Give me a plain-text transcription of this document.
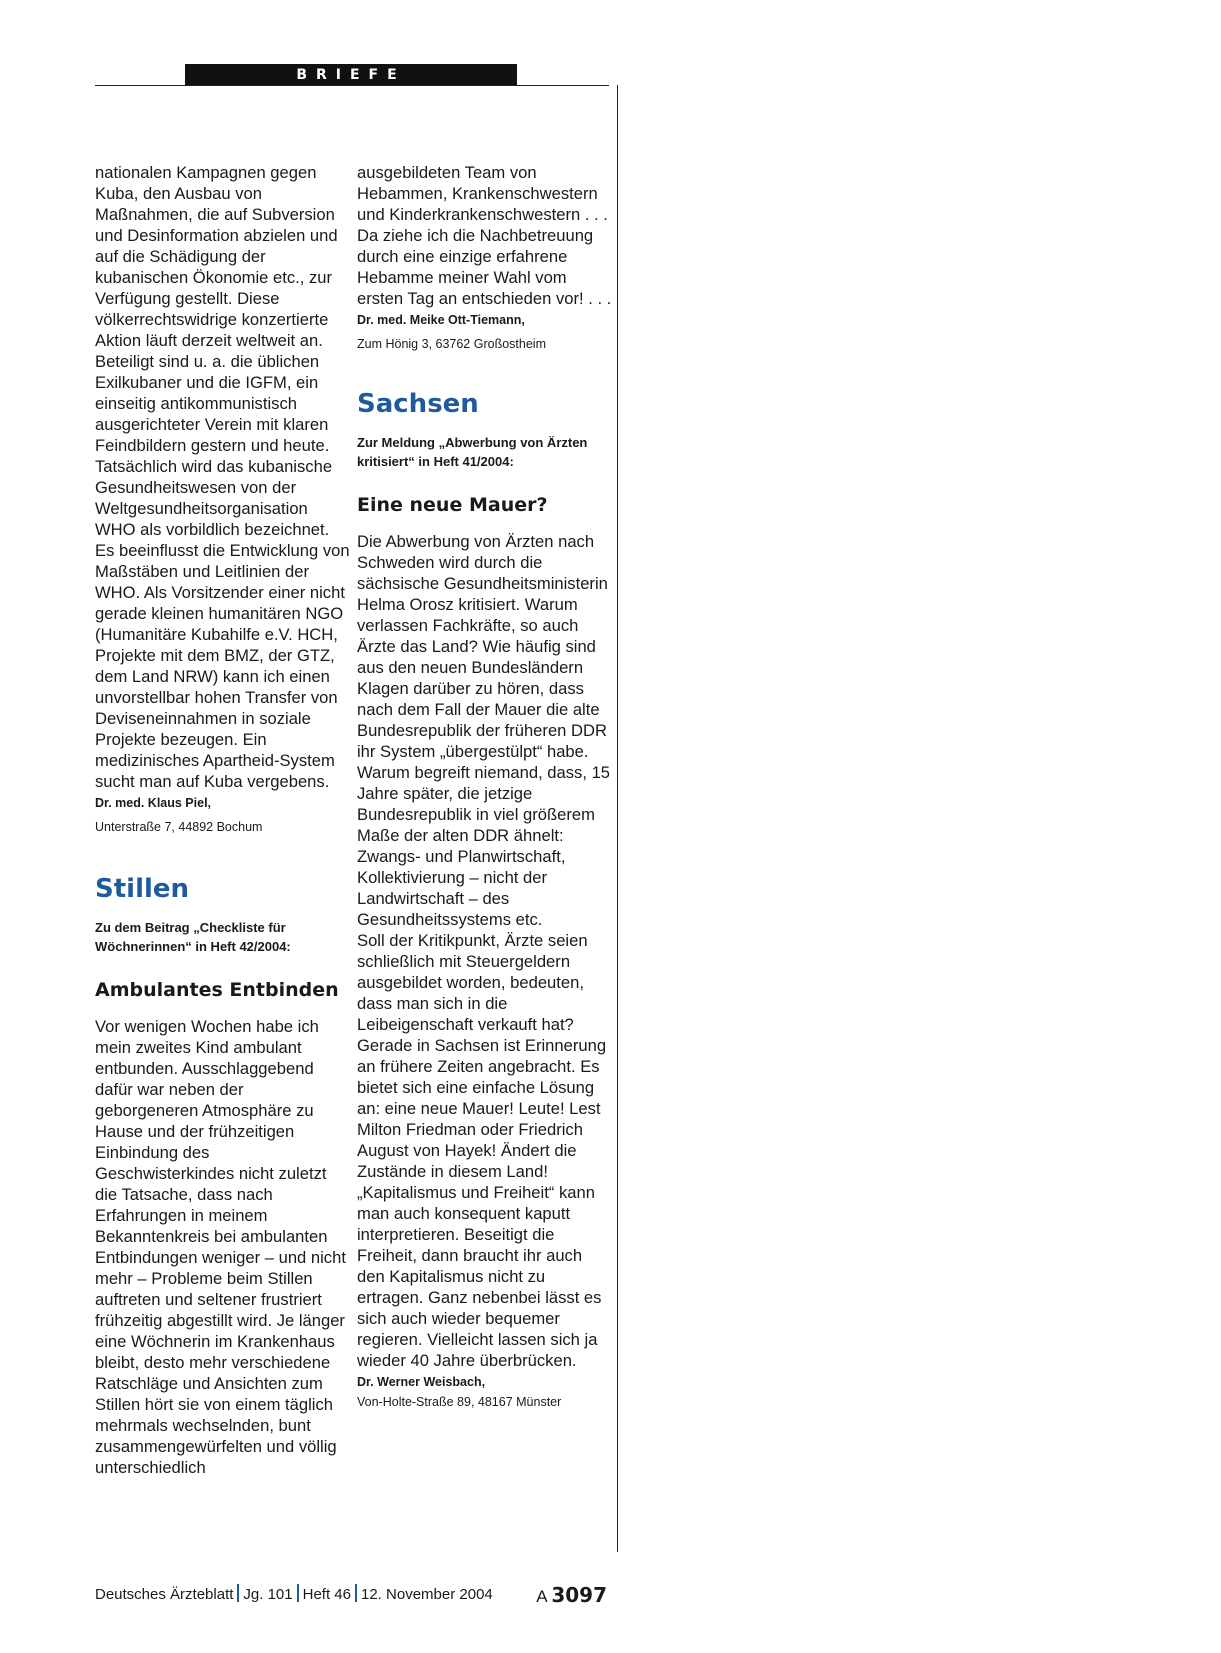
BRIEFE

nationalen Kampagnen gegen Kuba, den Ausbau von Maßnahmen, die auf Subversion und Desinformation abzielen und auf die Schädigung der kubanischen Ökonomie etc., zur Verfügung gestellt. Diese völkerrechtswidrige konzertierte Aktion läuft derzeit weltweit an. Beteiligt sind u. a. die üblichen Exilkubaner und die IGFM, ein einseitig antikommunistisch ausgerichteter Verein mit klaren Feindbildern gestern und heute. Tatsächlich wird das kubanische Gesundheitswesen von der Weltgesundheitsorganisation WHO als vorbildlich bezeichnet. Es beeinflusst die Entwicklung von Maßstäben und Leitlinien der WHO. Als Vorsitzender einer nicht gerade kleinen humanitären NGO (Humanitäre Kubahilfe e.V. HCH, Projekte mit dem BMZ, der GTZ, dem Land NRW) kann ich einen unvorstellbar hohen Transfer von Deviseneinnahmen in soziale Projekte bezeugen. Ein medizinisches Apartheid-System sucht man auf Kuba vergebens.

Dr. med. Klaus Piel,

Unterstraße 7, 44892 Bochum

Stillen

Zu dem Beitrag „Checkliste für Wöchnerinnen“ in Heft 42/2004:

Ambulantes Entbinden

Vor wenigen Wochen habe ich mein zweites Kind ambulant entbunden. Ausschlaggebend dafür war neben der geborgeneren Atmosphäre zu Hause und der frühzeitigen Einbindung des Geschwisterkindes nicht zuletzt die Tatsache, dass nach Erfahrungen in meinem Bekanntenkreis bei ambulanten Entbindungen weniger – und nicht mehr – Probleme beim Stillen auftreten und seltener frustriert frühzeitig abgestillt wird. Je länger eine Wöchnerin im Krankenhaus bleibt, desto mehr verschiedene Ratschläge und Ansichten zum Stillen hört sie von einem täglich mehrmals wechselnden, bunt zusammengewürfelten und völlig unterschiedlich

ausgebildeten Team von Hebammen, Krankenschwestern und Kinderkrankenschwestern . . .

Da ziehe ich die Nachbetreuung durch eine einzige erfahrene Hebamme meiner Wahl vom ersten Tag an entschieden vor! . . .

Dr. med. Meike Ott-Tiemann,

Zum Hönig 3, 63762 Großostheim

Sachsen

Zur Meldung „Abwerbung von Ärzten kritisiert“ in Heft 41/2004:

Eine neue Mauer?

Die Abwerbung von Ärzten nach Schweden wird durch die sächsische Gesundheitsministerin Helma Orosz kritisiert. Warum verlassen Fachkräfte, so auch Ärzte das Land? Wie häufig sind aus den neuen Bundesländern Klagen darüber zu hören, dass nach dem Fall der Mauer die alte Bundesrepublik der früheren DDR ihr System „übergestülpt“ habe. Warum begreift niemand, dass, 15 Jahre später, die jetzige Bundesrepublik in viel größerem Maße der alten DDR ähnelt: Zwangs- und Planwirtschaft, Kollektivierung – nicht der Landwirtschaft – des Gesundheitssystems etc.

Soll der Kritikpunkt, Ärzte seien schließlich mit Steuergeldern ausgebildet worden, bedeuten, dass man sich in die Leibeigenschaft verkauft hat? Gerade in Sachsen ist Erinnerung an frühere Zeiten angebracht. Es bietet sich eine einfache Lösung an: eine neue Mauer! Leute! Lest Milton Friedman oder Friedrich August von Hayek! Ändert die Zustände in diesem Land! „Kapitalismus und Freiheit“ kann man auch konsequent kaputt interpretieren. Beseitigt die Freiheit, dann braucht ihr auch den Kapitalismus nicht zu ertragen. Ganz nebenbei lässt es sich auch wieder bequemer regieren. Vielleicht lassen sich ja wieder 40 Jahre überbrücken.

Dr. Werner Weisbach,

Von-Holte-Straße 89, 48167 Münster

Deutsches Ärzteblatt Jg. 101 Heft 46 12. November 2004	A 3097
